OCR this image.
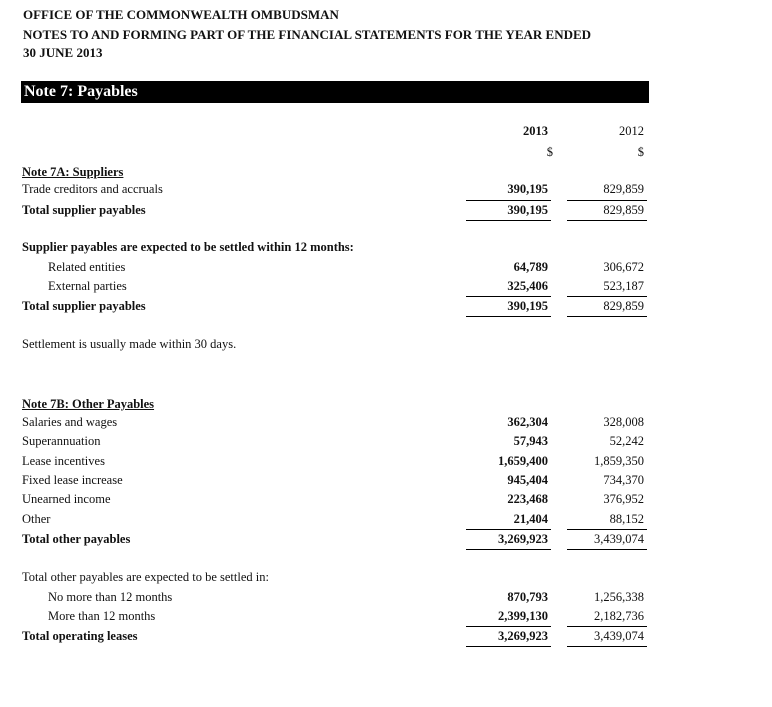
OFFICE OF THE COMMONWEALTH OMBUDSMAN
NOTES TO AND FORMING PART OF THE FINANCIAL STATEMENTS FOR THE YEAR ENDED
30 JUNE 2013
Note 7: Payables
2013	2012
$	$
Note 7A: Suppliers
Trade creditors and accruals	390,195	829,859
Total supplier payables	390,195	829,859
Supplier payables are expected to be settled within 12 months:
Related entities	64,789	306,672
External parties	325,406	523,187
Total supplier payables	390,195	829,859
Settlement is usually made within 30 days.
Note 7B: Other Payables
Salaries and wages	362,304	328,008
Superannuation	57,943	52,242
Lease incentives	1,659,400	1,859,350
Fixed lease increase	945,404	734,370
Unearned income	223,468	376,952
Other	21,404	88,152
Total other payables	3,269,923	3,439,074
Total other payables are expected to be settled in:
No more than 12 months	870,793	1,256,338
More than 12 months	2,399,130	2,182,736
Total operating leases	3,269,923	3,439,074
